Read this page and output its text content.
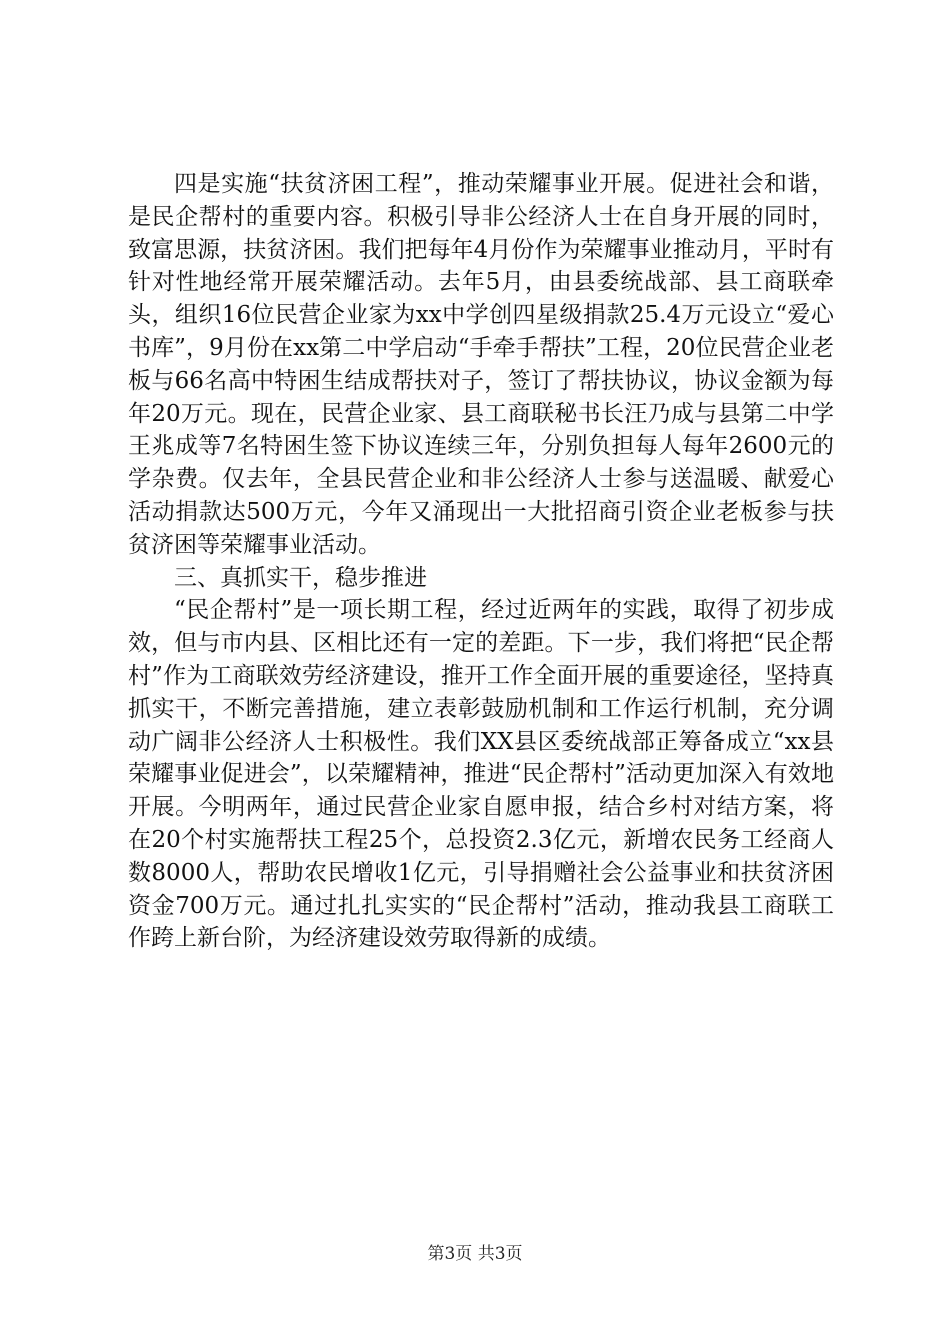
四是实施“扶贫济困工程”，推动荣耀事业开展。促进社会和谐，是民企帮村的重要内容。积极引导非公经济人士在自身开展的同时，致富思源，扶贫济困。我们把每年4月份作为荣耀事业推动月，平时有针对性地经常开展荣耀活动。去年5月，由县委统战部、县工商联牵头，组织16位民营企业家为xx中学创四星级捐款25.4万元设立“爱心书库”，9月份在xx第二中学启动“手牵手帮扶”工程，20位民营企业老板与66名高中特困生结成帮扶对子，签订了帮扶协议，协议金额为每年20万元。现在，民营企业家、县工商联秘书长汪乃成与县第二中学王兆成等7名特困生签下协议连续三年，分别负担每人每年2600元的学杂费。仅去年，全县民营企业和非公经济人士参与送温暖、献爱心活动捐款达500万元，今年又涌现出一大批招商引资企业老板参与扶贫济困等荣耀事业活动。

三、真抓实干，稳步推进

“民企帮村”是一项长期工程，经过近两年的实践，取得了初步成效，但与市内县、区相比还有一定的差距。下一步，我们将把“民企帮村”作为工商联效劳经济建设，推开工作全面开展的重要途径，坚持真抓实干，不断完善措施，建立表彰鼓励机制和工作运行机制，充分调动广阔非公经济人士积极性。我们XX县区委统战部正筹备成立“xx县荣耀事业促进会”，以荣耀精神，推进“民企帮村”活动更加深入有效地开展。今明两年，通过民营企业家自愿申报，结合乡村对结方案，将在20个村实施帮扶工程25个，总投资2.3亿元，新增农民务工经商人数8000人，帮助农民增收1亿元，引导捐赠社会公益事业和扶贫济困资金700万元。通过扎扎实实的“民企帮村”活动，推动我县工商联工作跨上新台阶，为经济建设效劳取得新的成绩。

第3页 共3页
